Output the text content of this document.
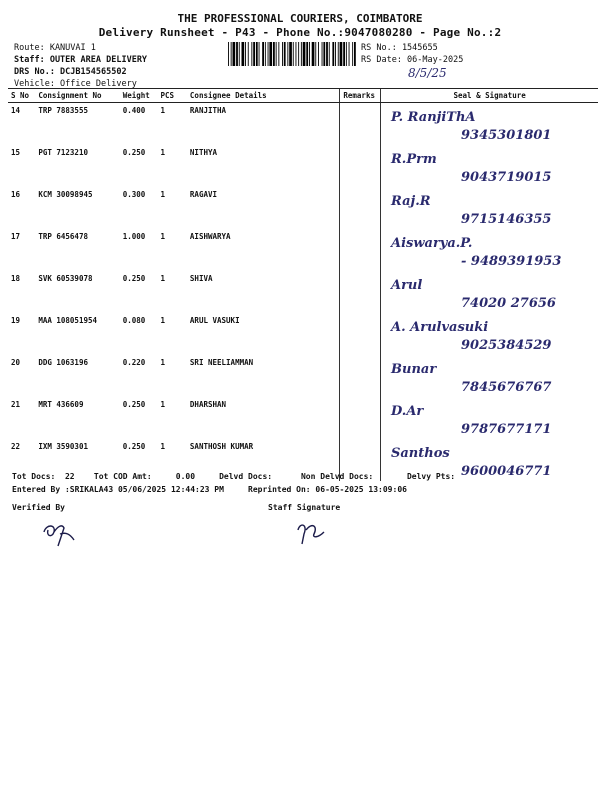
THE PROFESSIONAL COURIERS, COIMBATORE
Delivery Runsheet - P43 - Phone No.:9047080280 - Page No.:2
Route: KANUVAI 1
Staff: OUTER AREA DELIVERY
DRS No.: DCJB154565502
Vehicle: Office Delivery
RS No.: 1545655
RS Date: 06-May-2025
8/5/25
S No	Consignment No	Weight	PCS	Consignee Details	Remarks	Seal & Signature
14	TRP 7883555	0.400	1	RANJITHA		P. RanjiThA
9345301801

15	PGT 7123210	0.250	1	NITHYA		R.Prm
9043719015

16	KCM 30098945	0.300	1	RAGAVI		Raj.R
9715146355

17	TRP 6456478	1.000	1	AISHWARYA		Aiswarya.P.
- 9489391953

18	SVK 60539078	0.250	1	SHIVA		Arul
74020 27656

19	MAA 108051954	0.080	1	ARUL VASUKI		A. Arulvasuki
9025384529

20	DDG 1063196	0.220	1	SRI NEELIAMMAN		Bunar
7845676767

21	MRT 436609	0.250	1	DHARSHAN		D.Ar
9787677171

22	IXM 3590301	0.250	1	SANTHOSH KUMAR		Santhos
9600046771
Tot Docs:  22    Tot COD Amt:     0.00     Delvd Docs:      Non Delvd Docs:       Delvy Pts:
Entered By :SRIKALA43 05/06/2025 12:44:23 PM     Reprinted On: 06-05-2025 13:09:06
Verified By	Staff Signature
